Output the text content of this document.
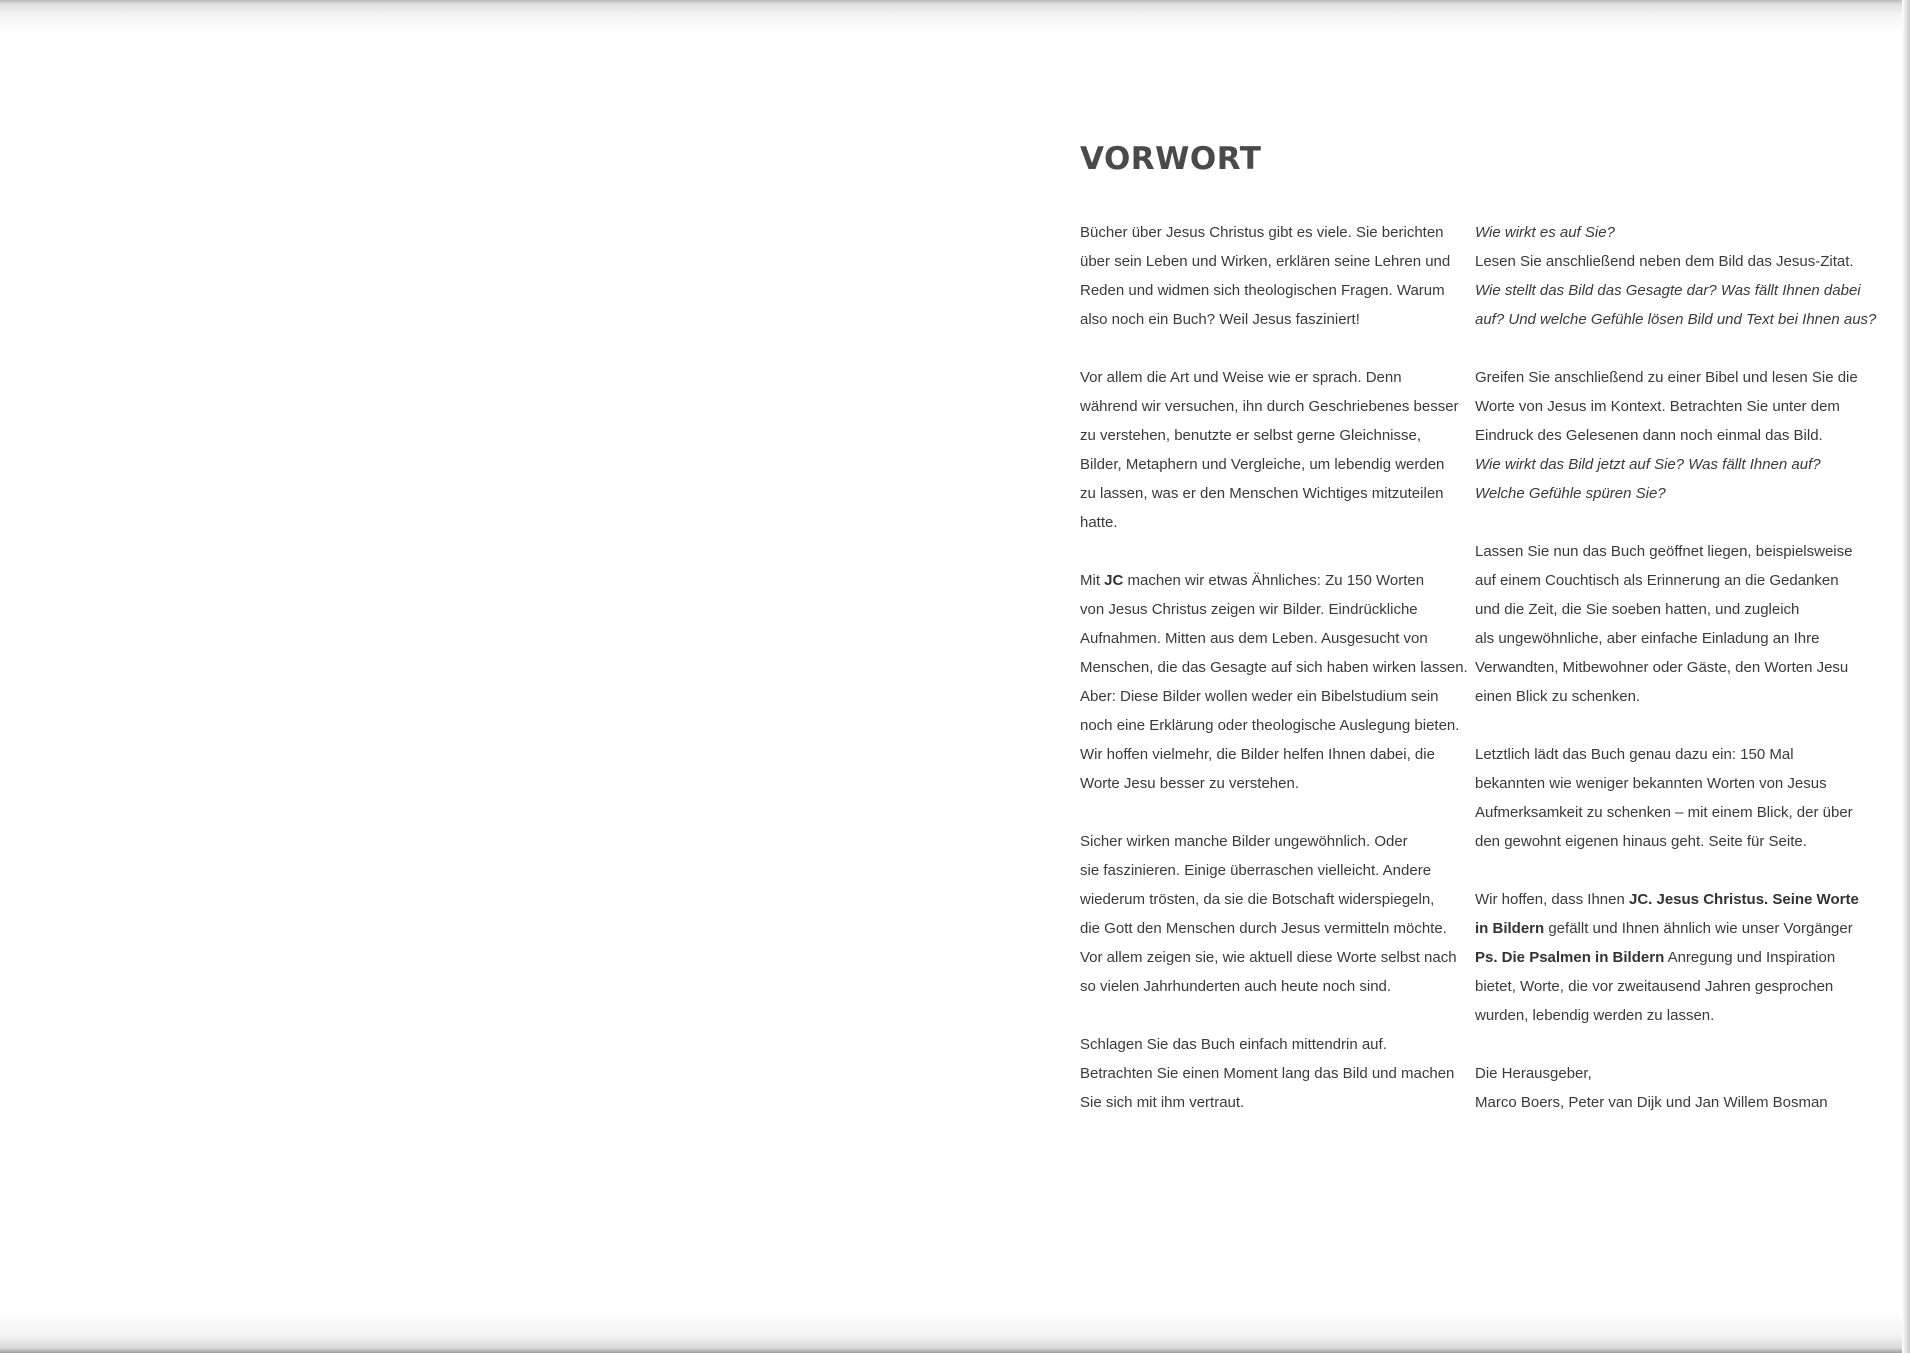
VORWORT

Bücher über Jesus Christus gibt es viele. Sie berichten
über sein Leben und Wirken, erklären seine Lehren und
Reden und widmen sich theologischen Fragen. Warum
also noch ein Buch? Weil Jesus fasziniert!

Vor allem die Art und Weise wie er sprach. Denn
während wir versuchen, ihn durch Geschriebenes besser
zu verstehen, benutzte er selbst gerne Gleichnisse,
Bilder, Metaphern und Vergleiche, um lebendig werden
zu lassen, was er den Menschen Wichtiges mitzuteilen
hatte.

Mit JC machen wir etwas Ähnliches: Zu 150 Worten
von Jesus Christus zeigen wir Bilder. Eindrückliche
Aufnahmen. Mitten aus dem Leben. Ausgesucht von
Menschen, die das Gesagte auf sich haben wirken lassen.
Aber: Diese Bilder wollen weder ein Bibelstudium sein
noch eine Erklärung oder theologische Auslegung bieten.
Wir hoffen vielmehr, die Bilder helfen Ihnen dabei, die
Worte Jesu besser zu verstehen.

Sicher wirken manche Bilder ungewöhnlich. Oder
sie faszinieren. Einige überraschen vielleicht. Andere
wiederum trösten, da sie die Botschaft widerspiegeln,
die Gott den Menschen durch Jesus vermitteln möchte.
Vor allem zeigen sie, wie aktuell diese Worte selbst nach
so vielen Jahrhunderten auch heute noch sind.

Schlagen Sie das Buch einfach mittendrin auf.
Betrachten Sie einen Moment lang das Bild und machen
Sie sich mit ihm vertraut.

Wie wirkt es auf Sie?
Lesen Sie anschließend neben dem Bild das Jesus-Zitat.
Wie stellt das Bild das Gesagte dar? Was fällt Ihnen dabei
auf? Und welche Gefühle lösen Bild und Text bei Ihnen aus?

Greifen Sie anschließend zu einer Bibel und lesen Sie die
Worte von Jesus im Kontext. Betrachten Sie unter dem
Eindruck des Gelesenen dann noch einmal das Bild.
Wie wirkt das Bild jetzt auf Sie? Was fällt Ihnen auf?
Welche Gefühle spüren Sie?

Lassen Sie nun das Buch geöffnet liegen, beispielsweise
auf einem Couchtisch als Erinnerung an die Gedanken
und die Zeit, die Sie soeben hatten, und zugleich
als ungewöhnliche, aber einfache Einladung an Ihre
Verwandten, Mitbewohner oder Gäste, den Worten Jesu
einen Blick zu schenken.

Letztlich lädt das Buch genau dazu ein: 150 Mal
bekannten wie weniger bekannten Worten von Jesus
Aufmerksamkeit zu schenken – mit einem Blick, der über
den gewohnt eigenen hinaus geht. Seite für Seite.

Wir hoffen, dass Ihnen JC. Jesus Christus. Seine Worte
in Bildern gefällt und Ihnen ähnlich wie unser Vorgänger
Ps. Die Psalmen in Bildern Anregung und Inspiration
bietet, Worte, die vor zweitausend Jahren gesprochen
wurden, lebendig werden zu lassen.

Die Herausgeber,
Marco Boers, Peter van Dijk und Jan Willem Bosman
